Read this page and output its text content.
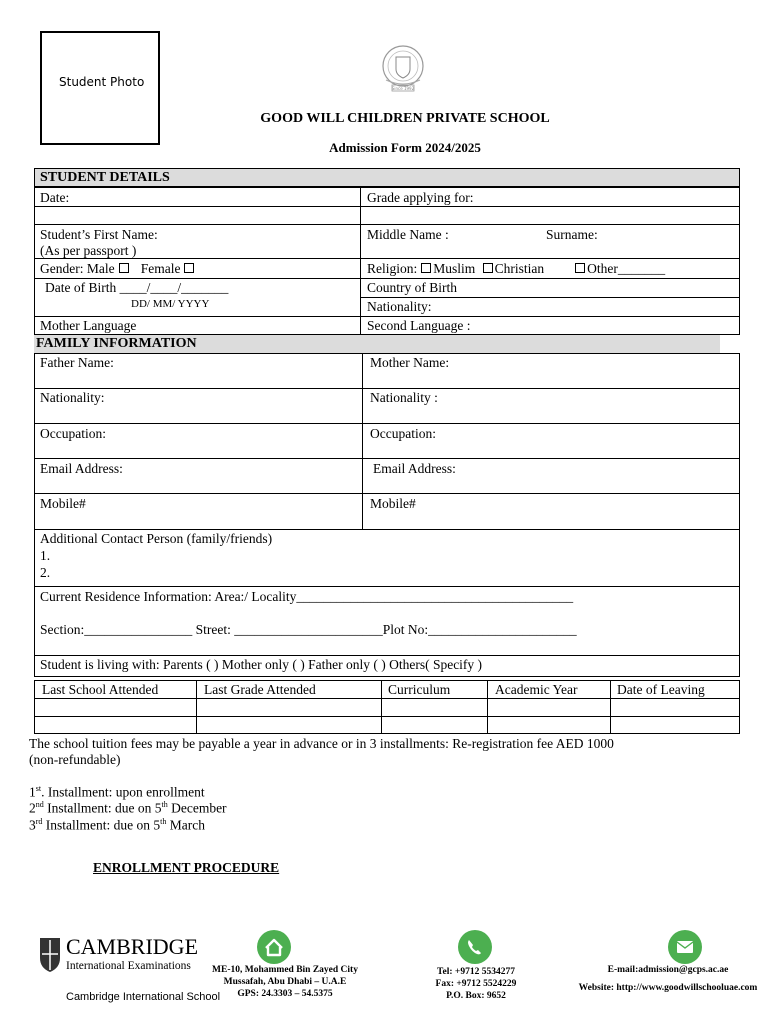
Student Photo	Since 1992
GOOD WILL CHILDREN PRIVATE SCHOOL
Admission Form 2024/2025
STUDENT DETAILS
Date:	Grade applying for:
Student’s First Name:
(As per passport )
Middle Name :	Surname:
Gender: Male Female	Religion: Muslim Christian	Other_______
Date of Birth ____/____/_______
DD/ MM/ YYYY
Country of Birth
Nationality:
Mother Language	Second Language :
FAMILY INFORMATION
Father Name:	Mother Name:
Nationality:	Nationality :
Occupation:	Occupation:
Email Address:	Email Address:
Mobile#	Mobile#
Additional Contact Person (family/friends)
1.
2.
Current Residence Information: Area:/ Locality_________________________________________
Section:________________ Street: ______________________Plot No:______________________
Student is living with: Parents ( ) Mother only ( ) Father only ( ) Others( Specify )
Last School Attended	Last Grade Attended	Curriculum	Academic Year	Date of Leaving
The school tuition fees may be payable a year in advance or in 3 installments: Re-registration fee AED 1000
(non-refundable)
1st. Installment: upon enrollment
2nd Installment: due on 5th December
3rd Installment: due on 5th March
ENROLLMENT PROCEDURE
CAMBRIDGE
International Examinations
Cambridge International School
ME-10, Mohammed Bin Zayed City
Mussafah, Abu Dhabi – U.A.E
GPS: 24.3303 – 54.5375
Tel: +9712 5534277
Fax: +9712 5524229
P.O. Box: 9652
E-mail:admission@gcps.ac.ae
Website: http://www.goodwillschooluae.com
